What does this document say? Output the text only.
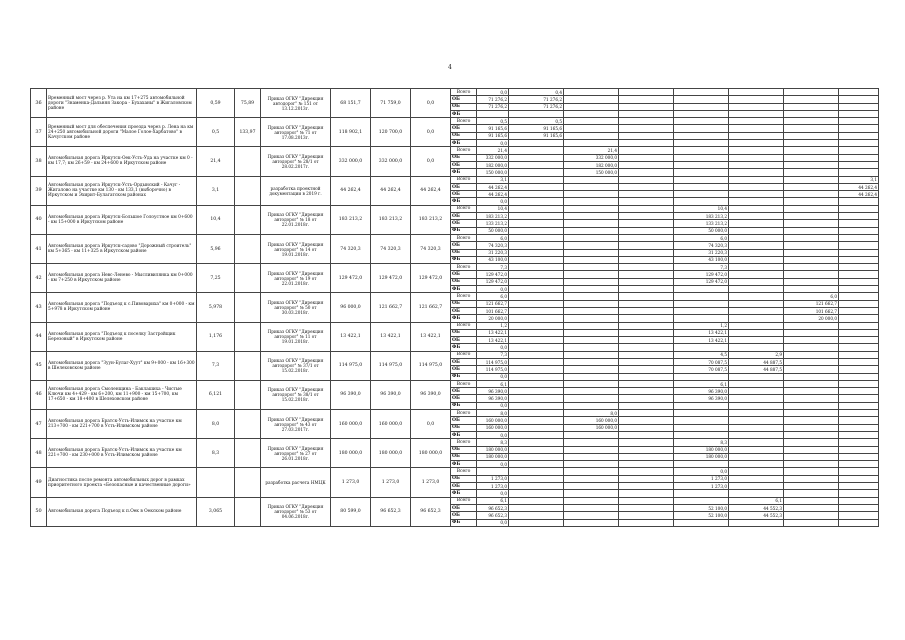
4
36	Временный мост через р. Ута на км 17+275 автомобильной дороги "Знаменка-Дальняя Закора - Бухаханы" в Жигаловском районе	0,59	75,89	Приказ ОГКУ "Дирекция автодорог" № 151 от 13.12.2013г.	68 151,7	71 759,0	0,0	Всего	0,0	0,4						
								ОБ	71 276,2	71 276,2						
								ОБ	71 276,2	71 276,2						
								ФБ								
37	Временный мост для обеспечения проезда через р. Лена на км 24+250 автомобильной дороги "Малое Голое-Харбатово" в Качугском районе	0,5	133,97	Приказ ОГКУ "Дирекция автодорог" № 71 от 17.08.2013г.	118 902,1	120 700,0	0,0	Всего	0,5	0,5						
								ОБ	91 165,6	91 165,6						
								ОБ	91 165,6	91 165,6						
								ФБ	0,0							
38	Автомобильная дорога Иркутск-Оек-Усть-Уда на участке км 0 - км 17,7; км 26+59 - км 24+600 в Иркутском районе	21,4		Приказ ОГКУ "Дирекция автодорог" № 28/1 от 28.02.2017г.	332 000,0	332 000,0	0,0	Всего	21,4		21,4					
								ОБ	332 000,0		332 000,0					
								ОБ	182 000,0		182 000,0					
								ФБ	150 000,0		150 000,0					
39	Автомобильная дорога Иркутск-Усть-Ордынский - Качуг - Жигалово на участке км 130 - км 133,1 (выборочно) в Иркутском и Эхирит-Булагатском районах	3,1		разработка проектной документации в 2019 г.	44 262,4	44 262,4	44 262,4	Всего	3,1							3,1
								ОБ	44 262,4							44 262,4
								ОБ	44 262,4							44 262,4
								ФБ	0,0							
40	Автомобильная дорога Иркутск-Большое Голоустное км 0+600 - км 15+000 в Иркутском районе	10,4		Приказ ОГКУ "Дирекция автодорог" № 18 от 22.01.2018г.	183 213,2	183 213,2	183 213,2	Всего	10,4				10,4			
								ОБ	183 213,2				183 213,2			
								ОБ	133 213,2				133 213,2			
								ФБ	50 000,0				50 000,0			
41	Автомобильная дорога Иркутск-садово "Дорожный строитель" км 5+365 - км 11+325 в Иркутском районе	5,96		Приказ ОГКУ "Дирекция автодорог" № 14 от 19.01.2018г.	74 320,3	74 320,3	74 320,3	Всего	6,0				6,0			
								ОБ	74 320,3				74 320,3			
								ОБ	31 220,3				31 220,3			
								ФБ	43 100,0				43 100,0			
42	Автомобильная дорога Невс-Ленево - Мысливилянка км 0+000 - км 7+250 в Иркутском районе	7,25		Приказ ОГКУ "Дирекция автодорог" № 19 от 22.01.2018г.	129 472,0	129 472,0	129 472,0	Всего	7,3				7,3			
								ОБ	129 472,0				129 472,0			
								ОБ	129 472,0				129 472,0			
								ФБ	0,0							
43	Автомобильная дорога "Подъезд к с.Пивовариха" км 0+000 - км 5+978 в Иркутском районе	5,978		Приказ ОГКУ "Дирекция автодорог" № 50 от 30.03.2018г.	96 000,0	121 662,7	121 662,7	Всего	6,0						6,0	
								ОБ	121 662,7						121 662,7	
								ОБ	101 662,7						101 662,7	
								ФБ	20 000,0						20 000,0	
44	Автомобильная дорога "Подъезд к поселку Застройщик Березовый" в Иркутском районе	1,176		Приказ ОГКУ "Дирекция автодорог" № 11 от 19.01.2018г.	13 422,1	13 422,1	13 422,1	Всего	1,2				1,2			
								ОБ	13 422,1				13 422,1			
								ОБ	13 422,1				13 422,1			
								ФБ	0,0							
45	Автомобильная дорога "Зуун-Булаг-Хуут" км 9+000 - км 16+300 в Шелеховском районе	7,3		Приказ ОГКУ "Дирекция автодорог" № 37/1 от 15.02.2018г.	114 975,0	114 975,0	114 975,0	Всего	7,3				4,5	2,9		
								ОБ	114 975,0				70 087,5	44 887,5		
								ОБ	114 975,0				70 087,5	44 887,5		
								ФБ	0,0							
46	Автомобильная дорога Смоленщина - Баклашиха - Чистые Ключи км 4+429 - км 6+200, км 11+900 - км 15+700, км 17+650 - км 18+400 в Шелеховском районе	6,121		Приказ ОГКУ "Дирекция автодорог" № 38/1 от 15.02.2018г.	96 390,0	96 390,0	96 390,0	Всего	6,1				6,1			
								ОБ	96 390,0				96 390,0			
								ОБ	96 390,0				96 390,0			
								ФБ	0,0							
47	Автомобильная дорога Братск-Усть-Илимск на участке км 213+700 - км 221+700 в Усть-Илимском районе	8,0		Приказ ОГКУ "Дирекция автодорог" № 43 от 27.03.2017г.	160 000,0	160 000,0	0,0	Всего	8,0		8,0					
								ОБ	160 000,0		160 000,0					
								ОБ	160 000,0		160 000,0					
								ФБ	0,0							
48	Автомобильная дорога Братск-Усть-Илимск на участке км 221+700 - км 230+000 в Усть-Илимском районе	8,3		Приказ ОГКУ "Дирекция автодорог" № 27 от 26.01.2018г.	180 000,0	180 000,0	180 000,0	Всего	8,3				8,3			
								ОБ	180 000,0				180 000,0			
								ОБ	180 000,0				180 000,0			
								ФБ	0,0							
49	Диагностика после ремонта автомобильных дорог в рамках приоритетного проекта «Безопасные и качественные дороги»			разработка расчета НМЦК	1 273,0	1 273,0	1 273,0	Всего					0,0			
								ОБ	1 273,0				1 273,0			
								ОБ	1 273,0				1 273,0			
								ФБ	0,0							
50	Автомобильная дорога Подъезд к п.Оек в Оекском районе	3,065		Приказ ОГКУ "Дирекция автодорог" № 53 от 04.06.2018г.	80 599,0	96 652,3	96 652,3	Всего	6,1					6,1		
								ОБ	96 652,3				52 100,0	44 552,3		
								ОБ	96 652,3				52 100,0	44 552,3		
								ФБ	0,0							
